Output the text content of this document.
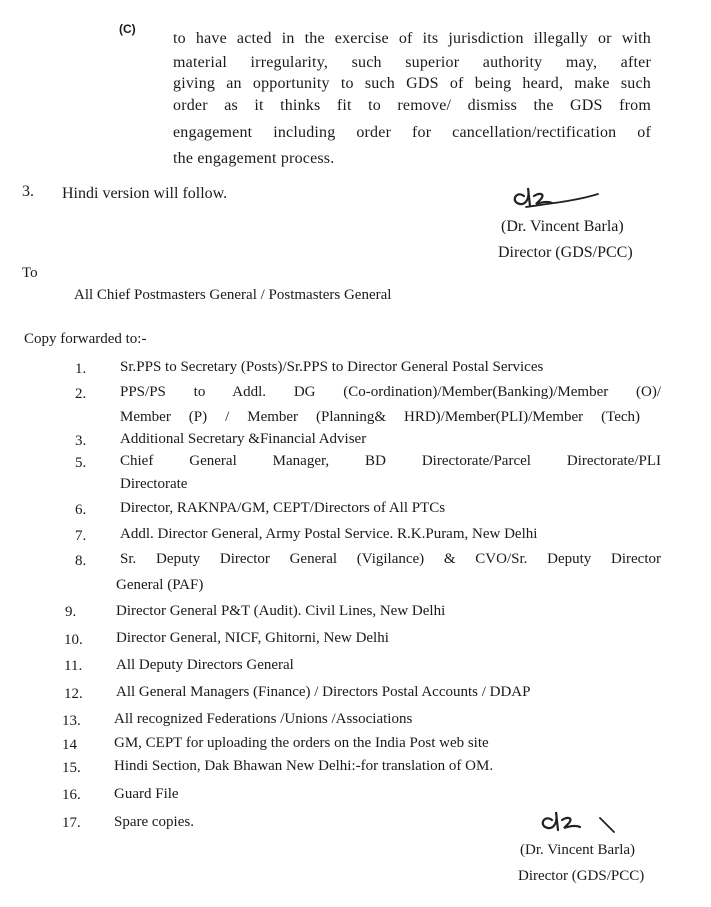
(C)
to have acted in the exercise of its jurisdiction illegally or with
material irregularity, such superior authority may, after
giving an opportunity to such GDS of being heard, make such
order as it thinks fit to remove/ dismiss the GDS from
engagement including order for cancellation/rectification of
the engagement process.
3. Hindi version will follow.
(Dr. Vincent Barla)
Director (GDS/PCC)
To
All Chief Postmasters General / Postmasters General
Copy forwarded to:-
1.	Sr.PPS to Secretary (Posts)/Sr.PPS to Director General Postal Services
2.	PPS/PS to Addl. DG (Co-ordination)/Member(Banking)/Member (O)/
Member (P) / Member (Planning& HRD)/Member(PLI)/Member (Tech)
3.	Additional Secretary &Financial Adviser
5.	Chief General Manager, BD Directorate/Parcel Directorate/PLI
Directorate
6.	Director, RAKNPA/GM, CEPT/Directors of All PTCs
7.	Addl. Director General, Army Postal Service. R.K.Puram, New Delhi
8.	Sr. Deputy Director General (Vigilance) & CVO/Sr. Deputy Director
General (PAF)
9.	Director General P&T (Audit). Civil Lines, New Delhi
10.	Director General, NICF, Ghitorni, New Delhi
11.	All Deputy Directors General
12.	All General Managers (Finance) / Directors Postal Accounts / DDAP
13.	All recognized Federations /Unions /Associations
14	GM, CEPT for uploading the orders on the India Post web site
15.	Hindi Section, Dak Bhawan New Delhi:-for translation of OM.
16.	Guard File
17.	Spare copies.
(Dr. Vincent Barla)
Director (GDS/PCC)
